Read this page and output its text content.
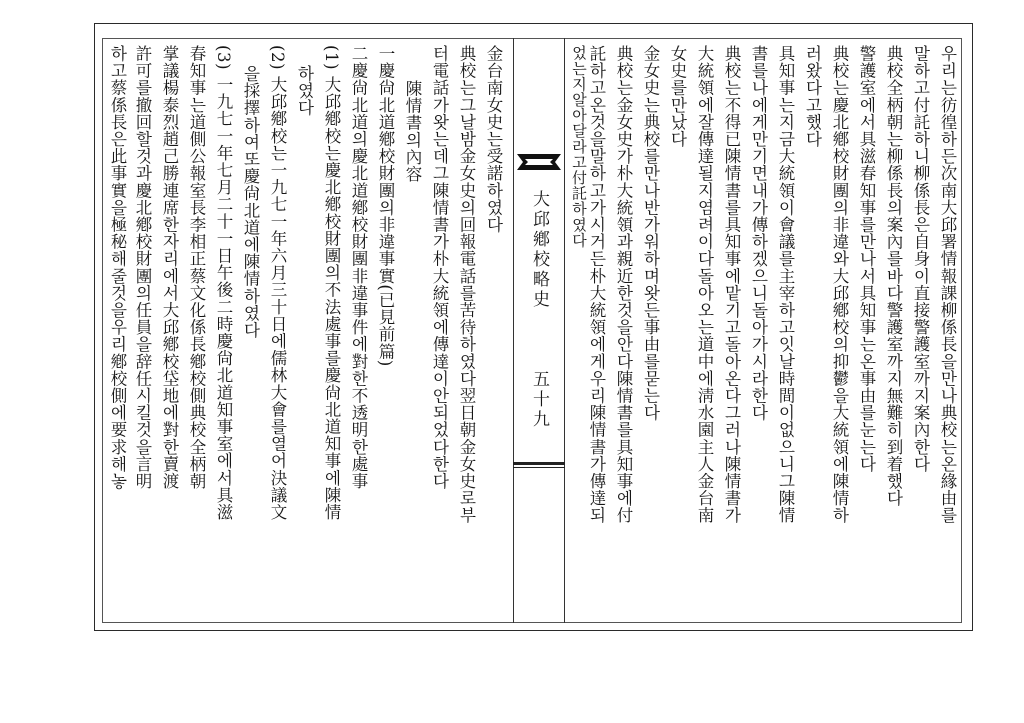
大邱鄕校略史
五十九	우리는彷徨하든次南大邱署情報課柳係長을만나典校는온緣由를
말하고付託하니柳係長은自身이直接警護室까지案內한다
典校全柄朝는柳係長의案內를바다警護室까지無難히到着했다
警護室에서具滋春知事를만나서具知事는온事由를눈는다
典校는慶北鄕校財團의非違와大邱鄕校의抑鬱을大統領에陳情하
러왔다고했다
具知事는지금大統領이會議를主宰하고잇날時間이없으니그陳情
書를나에게만기면내가傳하겠으니돌아가시라한다
典校는不得已陳情書를具知事에맡기고돌아온다그러나陳情書가
大統領에잘傳達될지염려이다돌아오는道中에淸水園主人金台南
女史를만났다
金女史는典校를만나반가워하며왓든事由를묻는다
典校는金女史가朴大統領과親近한것을안다陳情書를具知事에付
託하고온것을말하고가시거든朴大統領에게우리陳情書가傳達되
었는지알아달라고付託하였다
金台南女史는受諾하였다
典校는그날밤金女史의回報電話를苦待하였다翌日朝金女史로부
터電話가왓는데그陳情書가朴大統領에傳達이안되었다한다
陳情書의內容
一慶尙北道鄕校財團의非違事實(已見前篇)
二慶尙北道의慶北道鄕校財團非違事件에對한不透明한處事
(1) 大邱鄕校는慶北鄕校財團의不法處事를慶尙北道知事에陳情
하였다
(2) 大邱鄕校는一九七一年六月三十日에儒林大會를열어決議文
을採擇하여또慶尙北道에陳情하였다
(3) 一九七一年七月二十一日午後二時慶尙北道知事室에서具滋
春知事는道側公報室長李相正蔡文化係長鄕校側典校全柄朝
掌議楊泰烈趙己勝連席한자리에서大邱鄕校垈地에對한賣渡
許可를撤回할것과慶北鄕校財團의任員을辞任시킬것을言明
하고蔡係長은此事實을極秘해줄것을우리鄕校側에要求해놓
